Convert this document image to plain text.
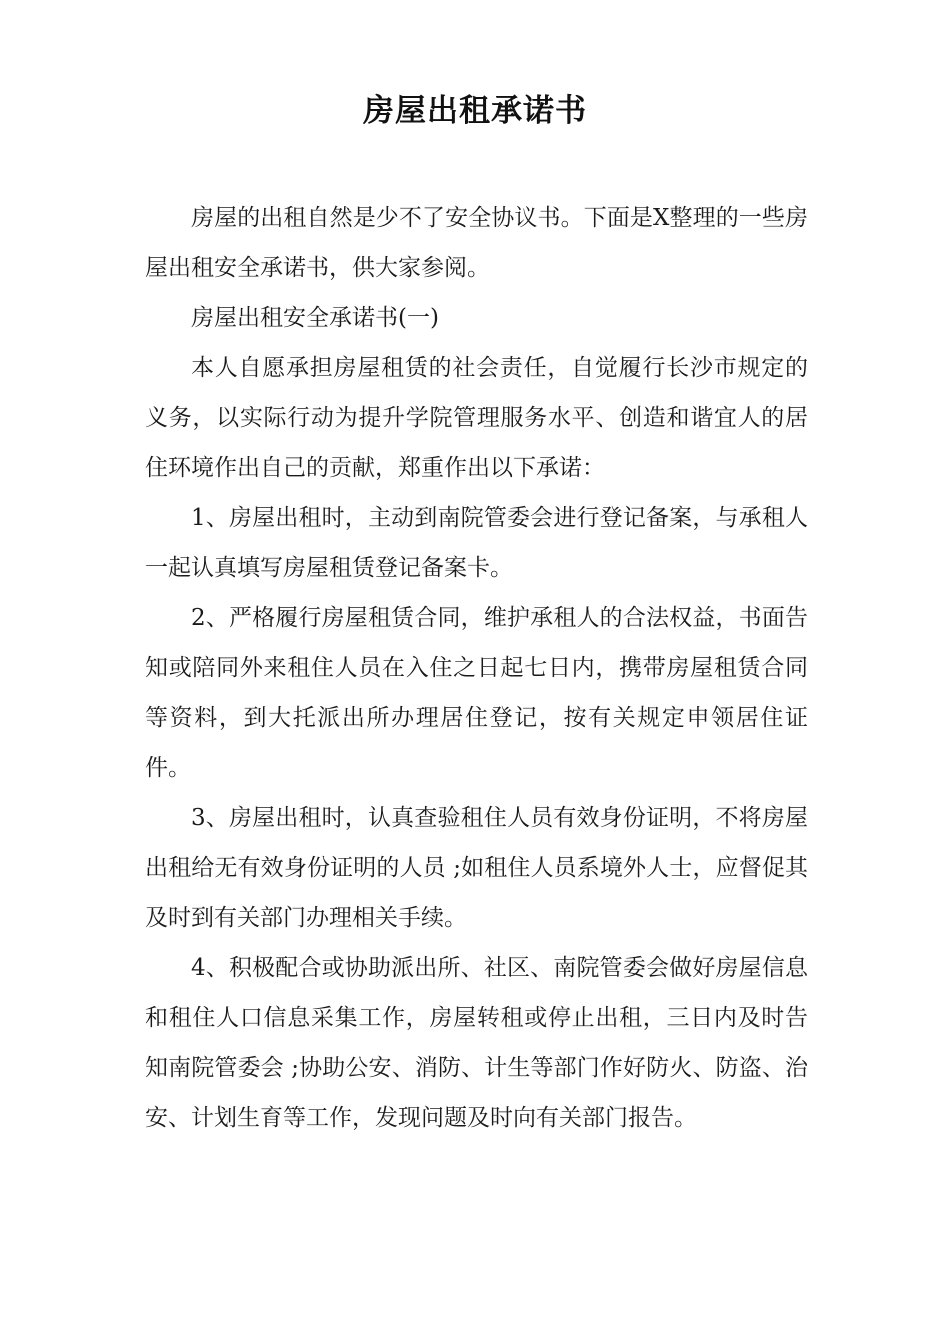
房屋出租承诺书

房屋的出租自然是少不了安全协议书。下面是X整理的一些房屋出租安全承诺书，供大家参阅。

房屋出租安全承诺书(一)

本人自愿承担房屋租赁的社会责任，自觉履行长沙市规定的义务，以实际行动为提升学院管理服务水平、创造和谐宜人的居住环境作出自己的贡献，郑重作出以下承诺：

1、房屋出租时，主动到南院管委会进行登记备案，与承租人一起认真填写房屋租赁登记备案卡。

2、严格履行房屋租赁合同，维护承租人的合法权益，书面告知或陪同外来租住人员在入住之日起七日内，携带房屋租赁合同等资料，到大托派出所办理居住登记，按有关规定申领居住证件。

3、房屋出租时，认真查验租住人员有效身份证明，不将房屋出租给无有效身份证明的人员 ;如租住人员系境外人士，应督促其及时到有关部门办理相关手续。

4、积极配合或协助派出所、社区、南院管委会做好房屋信息和租住人口信息采集工作，房屋转租或停止出租，三日内及时告知南院管委会 ;协助公安、消防、计生等部门作好防火、防盗、治安、计划生育等工作，发现问题及时向有关部门报告。
